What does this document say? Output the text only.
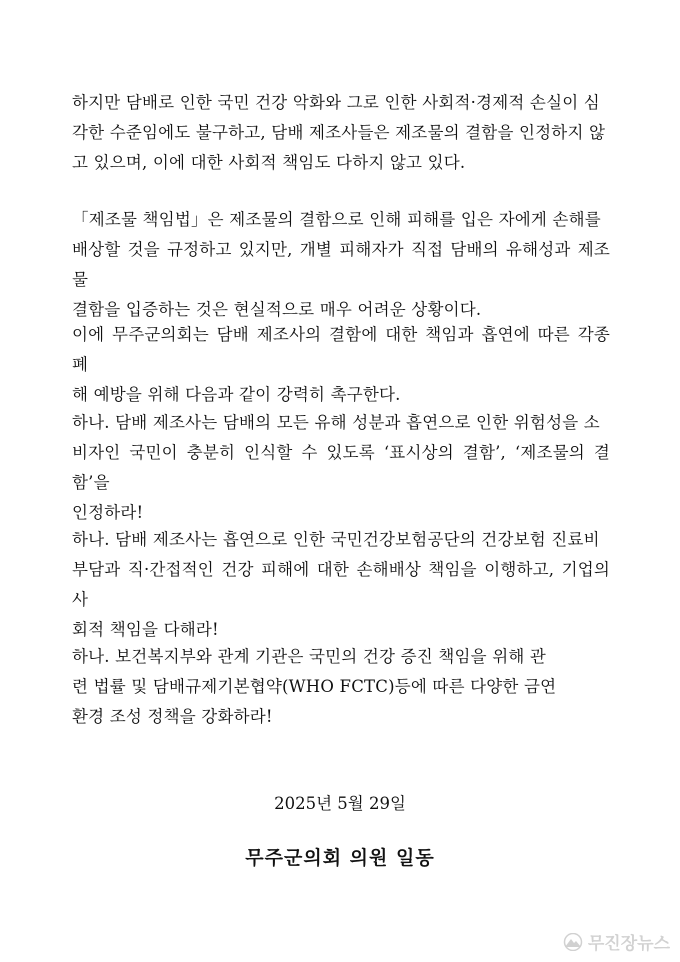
하지만 담배로 인한 국민 건강 악화와 그로 인한 사회적·경제적 손실이 심
각한 수준임에도 불구하고, 담배 제조사들은 제조물의 결함을 인정하지 않
고 있으며, 이에 대한 사회적 책임도 다하지 않고 있다.

「제조물 책임법」은 제조물의 결함으로 인해 피해를 입은 자에게 손해를
배상할 것을 규정하고 있지만, 개별 피해자가 직접 담배의 유해성과 제조물
결함을 입증하는 것은 현실적으로 매우 어려운 상황이다.

이에 무주군의회는 담배 제조사의 결함에 대한 책임과 흡연에 따른 각종 폐
해 예방을 위해 다음과 같이 강력히 촉구한다.

하나. 담배 제조사는 담배의 모든 유해 성분과 흡연으로 인한 위험성을 소
비자인 국민이 충분히 인식할 수 있도록 ‘표시상의 결함’, ‘제조물의 결함’을
인정하라!

하나. 담배 제조사는 흡연으로 인한 국민건강보험공단의 건강보험 진료비
부담과 직·간접적인 건강 피해에 대한 손해배상 책임을 이행하고, 기업의 사
회적 책임을 다해라!

하나. 보건복지부와 관계 기관은 국민의 건강 증진 책임을 위해 관
련 법률 및 담배규제기본협약(WHO FCTC)등에 따른 다양한 금연
환경 조성 정책을 강화하라!

2025년 5월 29일
무주군의회 의원 일동
무진장뉴스
